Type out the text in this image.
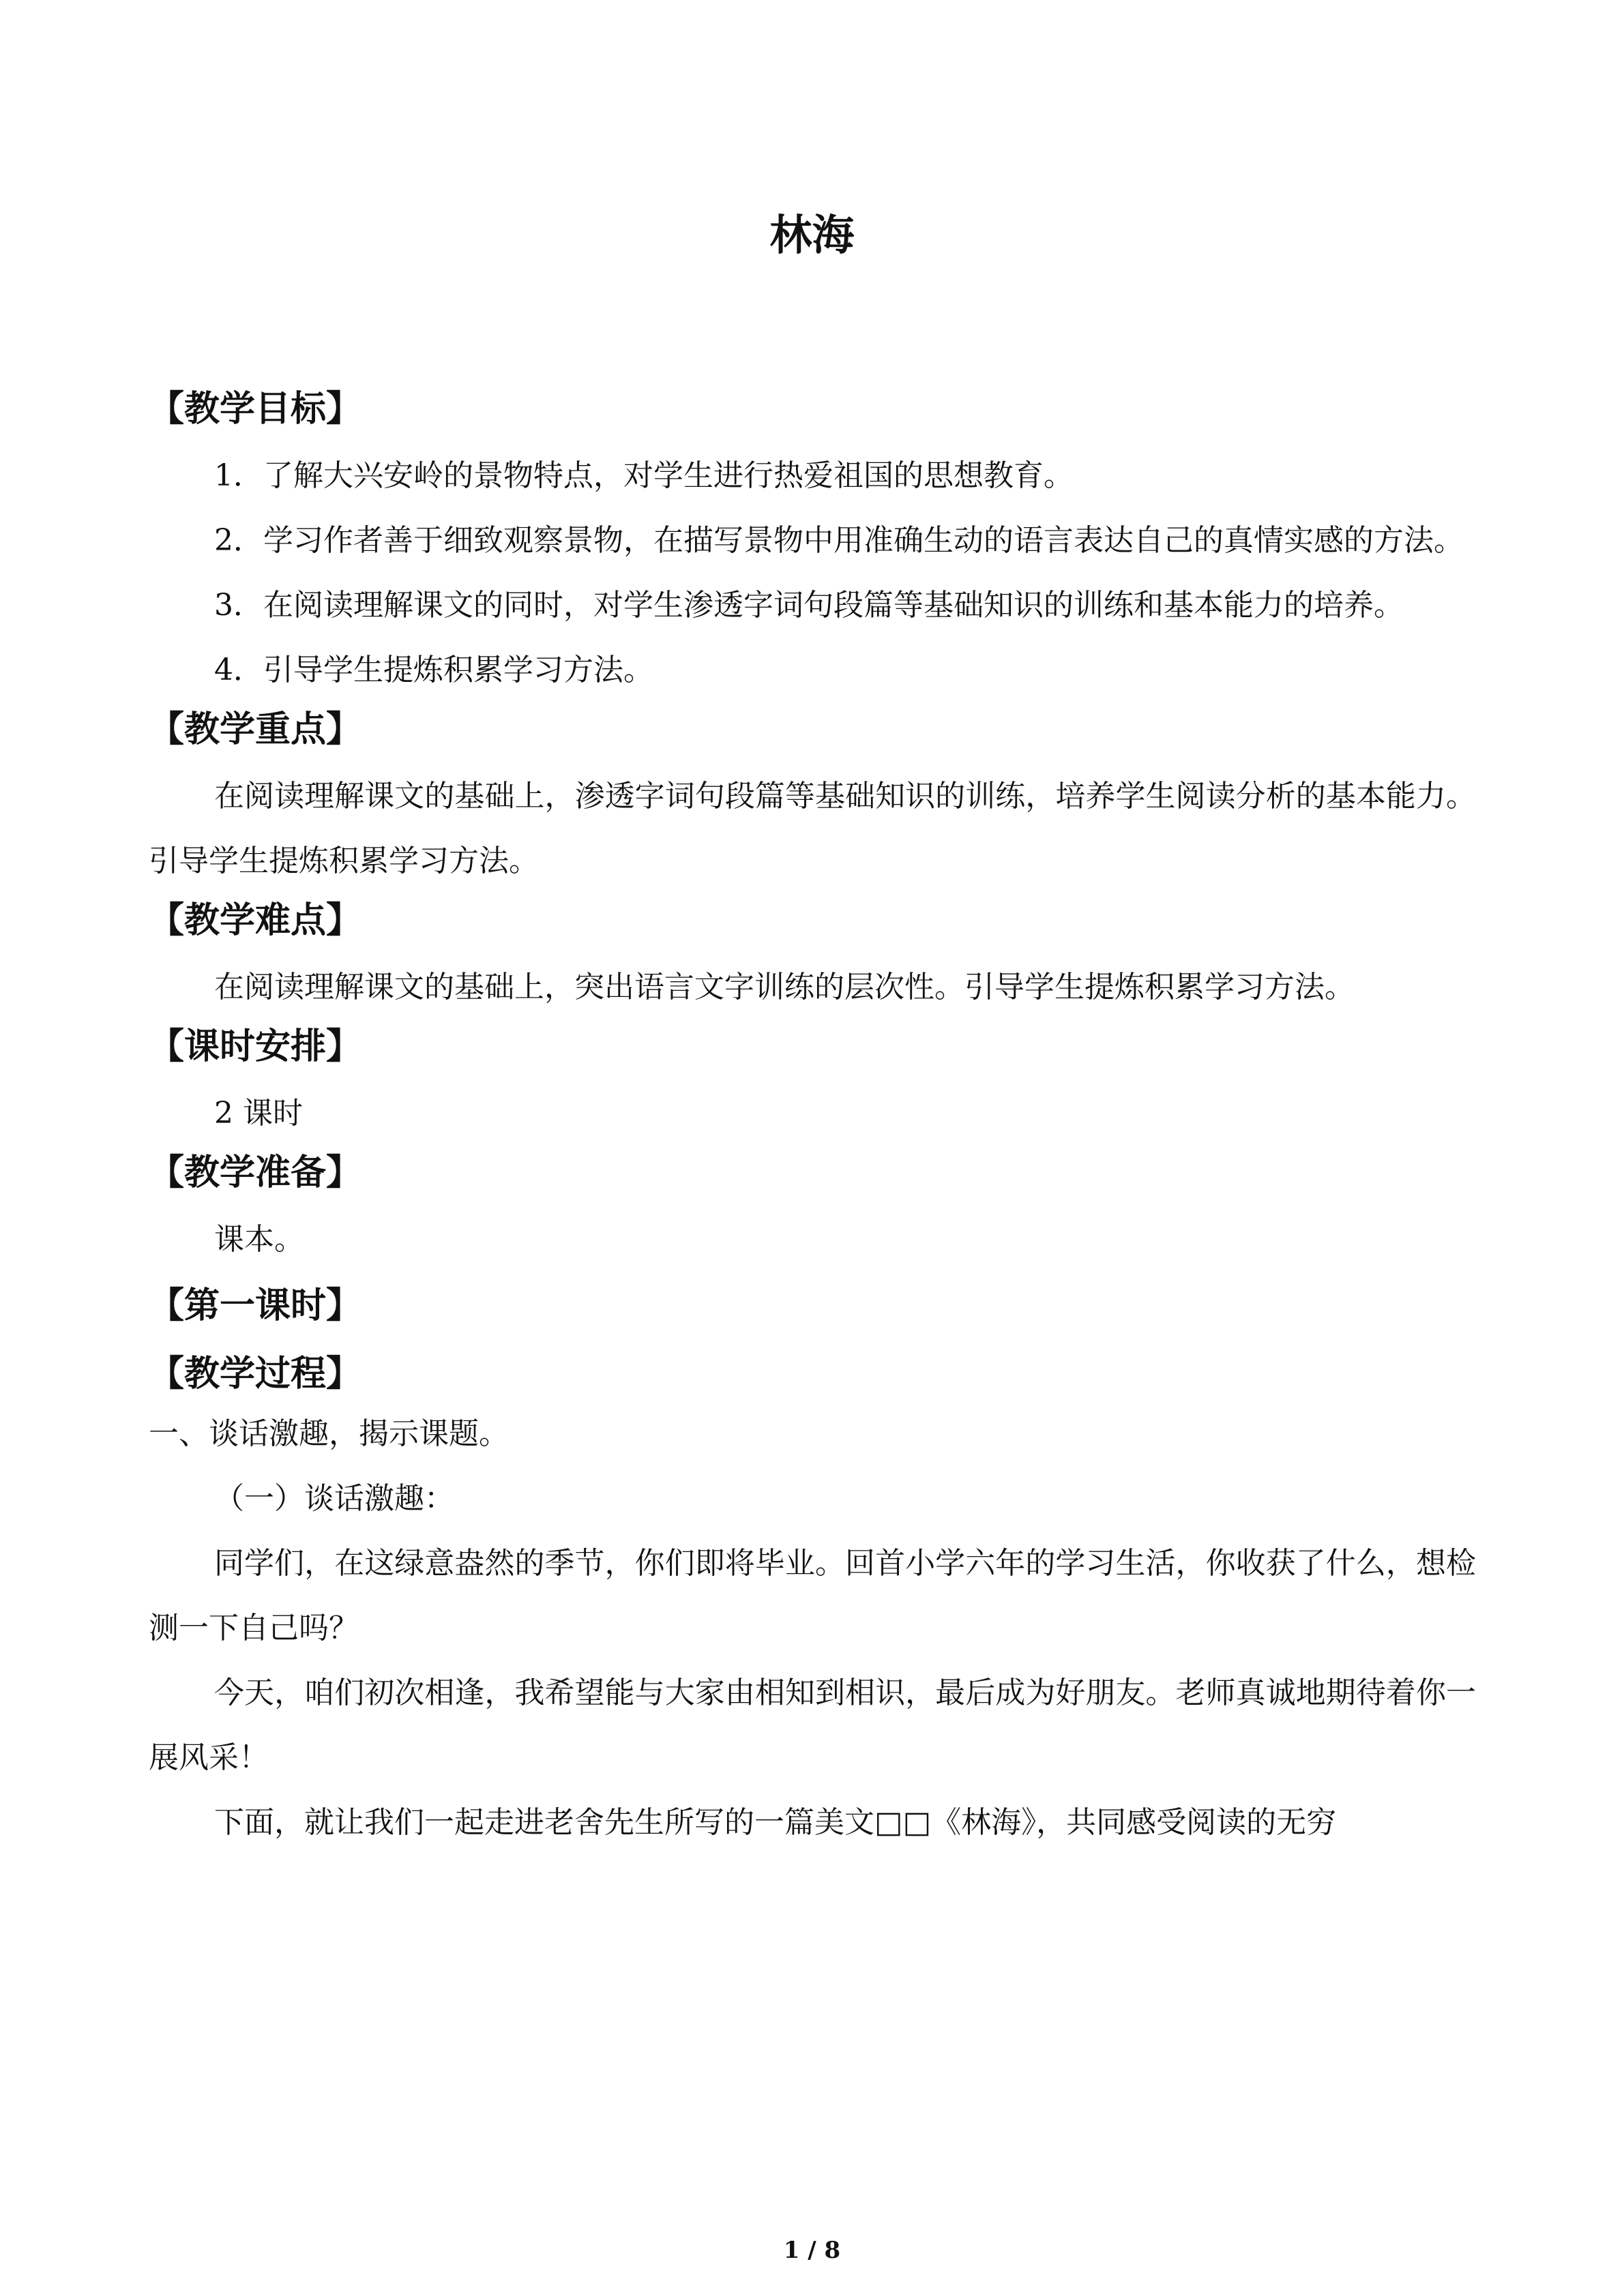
林海

【教学目标】

1．了解大兴安岭的景物特点，对学生进行热爱祖国的思想教育。

2．学习作者善于细致观察景物，在描写景物中用准确生动的语言表达自己的真情实感的方法。

3．在阅读理解课文的同时，对学生渗透字词句段篇等基础知识的训练和基本能力的培养。

4．引导学生提炼积累学习方法。

【教学重点】

在阅读理解课文的基础上，渗透字词句段篇等基础知识的训练，培养学生阅读分析的基本能力。引导学生提炼积累学习方法。

【教学难点】

在阅读理解课文的基础上，突出语言文字训练的层次性。引导学生提炼积累学习方法。

【课时安排】

2 课时

【教学准备】

课本。

【第一课时】

【教学过程】

一、谈话激趣，揭示课题。

（一）谈话激趣：

同学们，在这绿意盎然的季节，你们即将毕业。回首小学六年的学习生活，你收获了什么，想检测一下自己吗？

今天，咱们初次相逢，我希望能与大家由相知到相识，最后成为好朋友。老师真诚地期待着你一展风采！

下面，就让我们一起走进老舍先生所写的一篇美文□□《林海》，共同感受阅读的无穷

1 / 8
